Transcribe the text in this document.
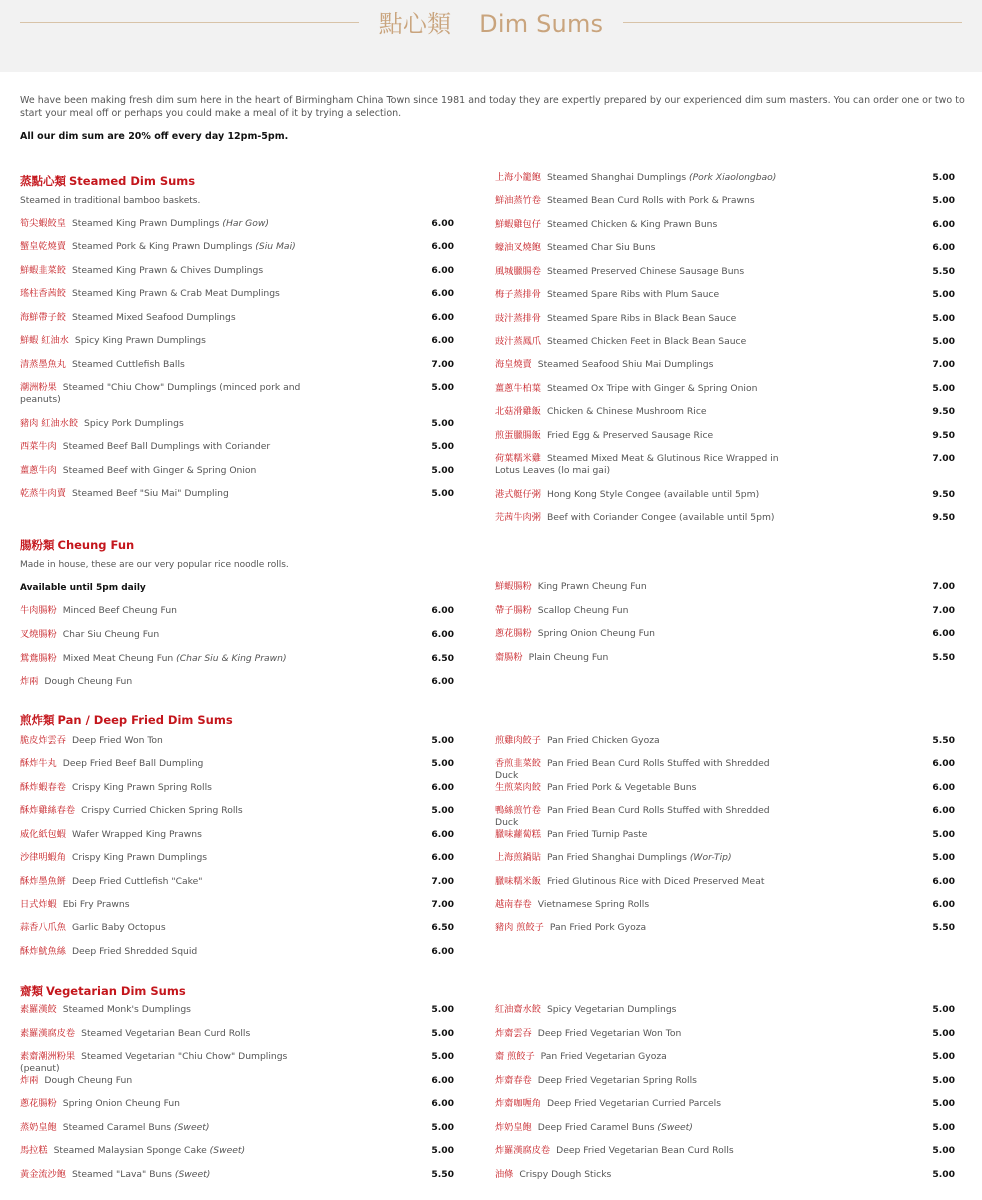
點心類 Dim Sums

We have been making fresh dim sum here in the heart of Birmingham China Town since 1981 and today they are expertly prepared by our experienced dim sum masters. You can order one or two to start your meal off or perhaps you could make a meal of it by trying a selection.

All our dim sum are 20% off every day 12pm-5pm.

蒸點心類 Steamed Dim Sums
Steamed in traditional bamboo baskets.
筍尖蝦餃皇 Steamed King Prawn Dumplings (Har Gow)	6.00
蟹皇乾燒賣 Steamed Pork & King Prawn Dumplings (Siu Mai)	6.00
鮮蝦韭菜餃 Steamed King Prawn & Chives Dumplings	6.00
瑤柱香茜餃 Steamed King Prawn & Crab Meat Dumplings	6.00
海鮮帶子餃 Steamed Mixed Seafood Dumplings	6.00
鮮蝦 紅油水 Spicy King Prawn Dumplings	6.00
清蒸墨魚丸 Steamed Cuttlefish Balls	7.00
潮洲粉果 Steamed "Chiu Chow" Dumplings (minced pork and peanuts)
5.00
豬肉 紅油水餃 Spicy Pork Dumplings	5.00
西菜牛肉 Steamed Beef Ball Dumplings with Coriander	5.00
薑蔥牛肉 Steamed Beef with Ginger & Spring Onion	5.00
乾蒸牛肉賣 Steamed Beef "Siu Mai" Dumpling	5.00
上海小籠飽 Steamed Shanghai Dumplings (Pork Xiaolongbao)	5.00
鮮油蒸竹卷 Steamed Bean Curd Rolls with Pork & Prawns	5.00
鮮蝦雞包仔 Steamed Chicken & King Prawn Buns	6.00
蠔油叉燒飽 Steamed Char Siu Buns	6.00
風城臘腸卷 Steamed Preserved Chinese Sausage Buns	5.50
梅子蒸排骨 Steamed Spare Ribs with Plum Sauce	5.00
豉汁蒸排骨 Steamed Spare Ribs in Black Bean Sauce	5.00
豉汁蒸鳳爪 Steamed Chicken Feet in Black Bean Sauce	5.00
海皇燒賣 Steamed Seafood Shiu Mai Dumplings	7.00
薑蔥牛柏葉 Steamed Ox Tripe with Ginger & Spring Onion	5.00
北菇滑雞飯 Chicken & Chinese Mushroom Rice	9.50
煎蛋臘腸飯 Fried Egg & Preserved Sausage Rice	9.50
荷葉糯米雞 Steamed Mixed Meat & Glutinous Rice Wrapped in Lotus Leaves (lo mai gai)
7.00
港式艇仔粥 Hong Kong Style Congee (available until 5pm)	9.50
芫茜牛肉粥 Beef with Coriander Congee (available until 5pm)	9.50
腸粉類 Cheung Fun
Made in house, these are our very popular rice noodle rolls.
Available until 5pm daily
牛肉腸粉 Minced Beef Cheung Fun	6.00
叉燒腸粉 Char Siu Cheung Fun	6.00
鴛鴦腸粉 Mixed Meat Cheung Fun (Char Siu & King Prawn)	6.50
炸兩 Dough Cheung Fun	6.00
鮮蝦腸粉 King Prawn Cheung Fun	7.00
帶子腸粉 Scallop Cheung Fun	7.00
蔥花腸粉 Spring Onion Cheung Fun	6.00
齋腸粉 Plain Cheung Fun	5.50
煎炸類 Pan / Deep Fried Dim Sums
脆皮炸雲吞 Deep Fried Won Ton	5.00
酥炸牛丸 Deep Fried Beef Ball Dumpling	5.00
酥炸蝦春卷 Crispy King Prawn Spring Rolls	6.00
酥炸雞絲春卷 Crispy Curried Chicken Spring Rolls	5.00
威化紙包蝦 Wafer Wrapped King Prawns	6.00
沙律明蝦角 Crispy King Prawn Dumplings	6.00
酥炸墨魚餅 Deep Fried Cuttlefish "Cake"	7.00
日式炸蝦 Ebi Fry Prawns	7.00
蒜香八爪魚 Garlic Baby Octopus	6.50
酥炸魷魚絲 Deep Fried Shredded Squid	6.00
煎雞肉餃子 Pan Fried Chicken Gyoza	5.50
香煎韭菜餃 Pan Fried Bean Curd Rolls Stuffed with Shredded Duck
6.00
生煎菜肉餃 Pan Fried Pork & Vegetable Buns	6.00
鴨絲煎竹卷 Pan Fried Bean Curd Rolls Stuffed with Shredded Duck
6.00
臘味蘿蔔糕 Pan Fried Turnip Paste	5.00
上海煎鍋貼 Pan Fried Shanghai Dumplings (Wor-Tip)	5.00
臘味糯米飯 Fried Glutinous Rice with Diced Preserved Meat	6.00
越南春卷 Vietnamese Spring Rolls	6.00
豬肉 煎餃子 Pan Fried Pork Gyoza	5.50
齋類 Vegetarian Dim Sums
素羅漢餃 Steamed Monk's Dumplings	5.00
素羅漢腐皮卷 Steamed Vegetarian Bean Curd Rolls	5.00
素齋潮洲粉果 Steamed Vegetarian "Chiu Chow" Dumplings (peanut)
5.00
炸兩 Dough Cheung Fun	6.00
蔥花腸粉 Spring Onion Cheung Fun	6.00
蒸奶皇飽 Steamed Caramel Buns (Sweet)	5.00
馬拉糕 Steamed Malaysian Sponge Cake (Sweet)	5.00
黃金流沙飽 Steamed "Lava" Buns (Sweet)	5.50
紅油齋水餃 Spicy Vegetarian Dumplings	5.00
炸齋雲吞 Deep Fried Vegetarian Won Ton	5.00
齋 煎餃子 Pan Fried Vegetarian Gyoza	5.00
炸齋春卷 Deep Fried Vegetarian Spring Rolls	5.00
炸齋咖喱角 Deep Fried Vegetarian Curried Parcels	5.00
炸奶皇飽 Deep Fried Caramel Buns (Sweet)	5.00
炸羅漢腐皮卷 Deep Fried Vegetarian Bean Curd Rolls	5.00
油條 Crispy Dough Sticks	5.00
